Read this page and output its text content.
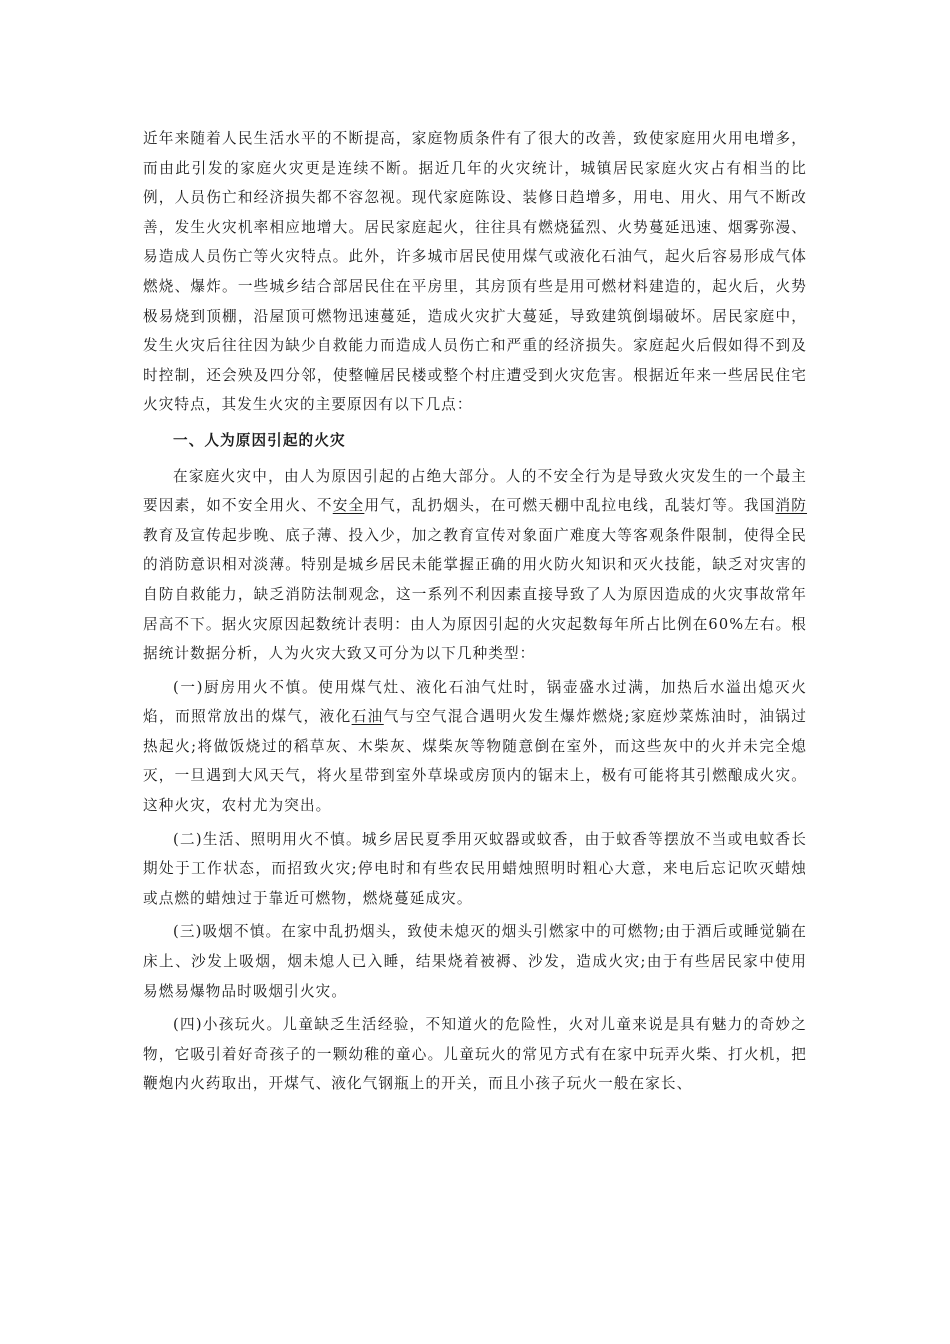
近年来随着人民生活水平的不断提高，家庭物质条件有了很大的改善，致使家庭用火用电增多，而由此引发的家庭火灾更是连续不断。据近几年的火灾统计，城镇居民家庭火灾占有相当的比例，人员伤亡和经济损失都不容忽视。现代家庭陈设、装修日趋增多，用电、用火、用气不断改善，发生火灾机率相应地增大。居民家庭起火，往往具有燃烧猛烈、火势蔓延迅速、烟雾弥漫、易造成人员伤亡等火灾特点。此外，许多城市居民使用煤气或液化石油气，起火后容易形成气体燃烧、爆炸。一些城乡结合部居民住在平房里，其房顶有些是用可燃材料建造的，起火后，火势极易烧到顶棚，沿屋顶可燃物迅速蔓延，造成火灾扩大蔓延，导致建筑倒塌破坏。居民家庭中，发生火灾后往往因为缺少自救能力而造成人员伤亡和严重的经济损失。家庭起火后假如得不到及时控制，还会殃及四分邻，使整幢居民楼或整个村庄遭受到火灾危害。根据近年来一些居民住宅火灾特点，其发生火灾的主要原因有以下几点：

一、人为原因引起的火灾

在家庭火灾中，由人为原因引起的占绝大部分。人的不安全行为是导致火灾发生的一个最主要因素，如不安全用火、不安全用气，乱扔烟头，在可燃天棚中乱拉电线，乱装灯等。我国消防教育及宣传起步晚、底子薄、投入少，加之教育宣传对象面广难度大等客观条件限制，使得全民的消防意识相对淡薄。特别是城乡居民未能掌握正确的用火防火知识和灭火技能，缺乏对灾害的自防自救能力，缺乏消防法制观念，这一系列不利因素直接导致了人为原因造成的火灾事故常年居高不下。据火灾原因起数统计表明：由人为原因引起的火灾起数每年所占比例在60%左右。根据统计数据分析，人为火灾大致又可分为以下几种类型：

(一)厨房用火不慎。使用煤气灶、液化石油气灶时，锅壶盛水过满，加热后水溢出熄灭火焰，而照常放出的煤气，液化石油气与空气混合遇明火发生爆炸燃烧;家庭炒菜炼油时，油锅过热起火;将做饭烧过的稻草灰、木柴灰、煤柴灰等物随意倒在室外，而这些灰中的火并未完全熄灭，一旦遇到大风天气，将火星带到室外草垛或房顶内的锯末上，极有可能将其引燃酿成火灾。这种火灾，农村尤为突出。

(二)生活、照明用火不慎。城乡居民夏季用灭蚊器或蚊香，由于蚊香等摆放不当或电蚊香长期处于工作状态，而招致火灾;停电时和有些农民用蜡烛照明时粗心大意，来电后忘记吹灭蜡烛或点燃的蜡烛过于靠近可燃物，燃烧蔓延成灾。

(三)吸烟不慎。在家中乱扔烟头，致使未熄灭的烟头引燃家中的可燃物;由于酒后或睡觉躺在床上、沙发上吸烟，烟未熄人已入睡，结果烧着被褥、沙发，造成火灾;由于有些居民家中使用易燃易爆物品时吸烟引火灾。

(四)小孩玩火。儿童缺乏生活经验，不知道火的危险性，火对儿童来说是具有魅力的奇妙之物，它吸引着好奇孩子的一颗幼稚的童心。儿童玩火的常见方式有在家中玩弄火柴、打火机，把鞭炮内火药取出，开煤气、液化气钢瓶上的开关，而且小孩子玩火一般在家长、
